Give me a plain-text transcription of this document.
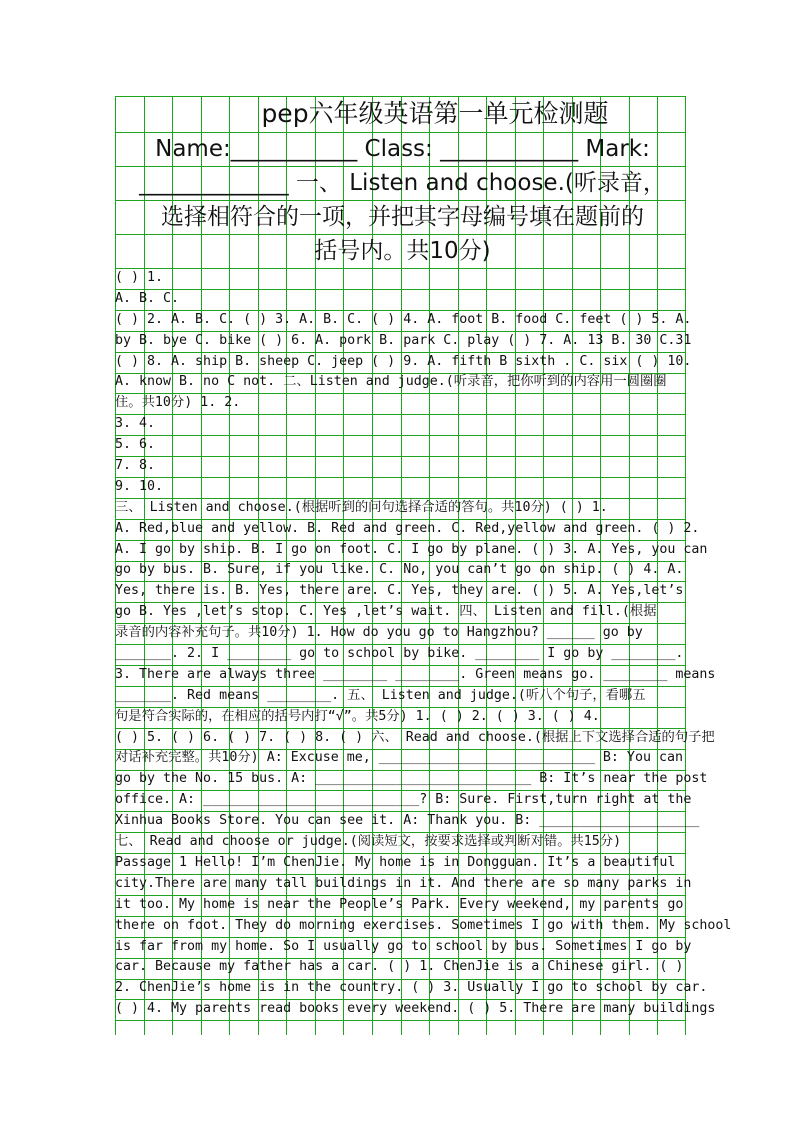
pep六年级英语第一单元检测题
Name:___________ Class: ____________ Mark:
_____________ 一、 Listen and choose.(听录音，
选择相符合的一项，并把其字母编号填在题前的
括号内。共10分)
( ) 1.
A. B. C.
( ) 2. A. B. C. ( ) 3. A. B. C. ( ) 4. A. foot B. food C. feet ( ) 5. A.
by B. bye C. bike ( ) 6. A. pork B. park C. play ( ) 7. A. 13 B. 30 C.31
( ) 8. A. ship B. sheep C. jeep ( ) 9. A. fifth B sixth . C. six ( ) 10.
A. know B. no C not. 二、Listen and judge.(听录音，把你听到的内容用一圆圈圈
住。共10分) 1. 2.
3. 4.
5. 6.
7. 8.
9. 10.
三、 Listen and choose.(根据听到的问句选择合适的答句。共10分) ( ) 1.
A. Red,blue and yellow. B. Red and green. C. Red,yellow and green. ( ) 2.
A. I go by ship. B. I go on foot. C. I go by plane. ( ) 3. A. Yes, you can
go by bus. B. Sure, if you like. C. No, you can’t go on ship. ( ) 4. A.
Yes, there is. B. Yes, there are. C. Yes, they are. ( ) 5. A. Yes,let’s
go B. Yes ,let’s stop. C. Yes ,let’s wait. 四、 Listen and fill.(根据
录音的内容补充句子。共10分) 1. How do you go to Hangzhou? ______ go by
_______. 2. I ________ go to school by bike. ________ I go by ________.
3. There are always three ________ ________. Green means go. ________ means
_______. Red means ________. 五、 Listen and judge.(听八个句子，看哪五
句是符合实际的，在相应的括号内打“√”。共5分) 1. ( ) 2. ( ) 3. ( ) 4.
( ) 5. ( ) 6. ( ) 7. ( ) 8. ( ) 六、 Read and choose.(根据上下文选择合适的句子把
对话补充完整。共10分) A: Excuse me, ___________________________ B: You can
go by the No. 15 bus. A: ___________________________ B: It’s near the post
office. A: ___________________________? B: Sure. First,turn right at the
Xinhua Books Store. You can see it. A: Thank you. B: ____________________
七、 Read and choose or judge.(阅读短文，按要求选择或判断对错。共15分)
Passage 1 Hello! I’m ChenJie. My home is in Dongguan. It’s a beautiful
city.There are many tall buildings in it. And there are so many parks in
it too. My home is near the People’s Park. Every weekend, my parents go
there on foot. They do morning exercises. Sometimes I go with them. My school
is far from my home. So I usually go to school by bus. Sometimes I go by
car. Because my father has a car. ( ) 1. ChenJie is a Chinese girl. ( )
2. ChenJie’s home is in the country. ( ) 3. Usually I go to school by car.
( ) 4. My parents read books every weekend. ( ) 5. There are many buildings
